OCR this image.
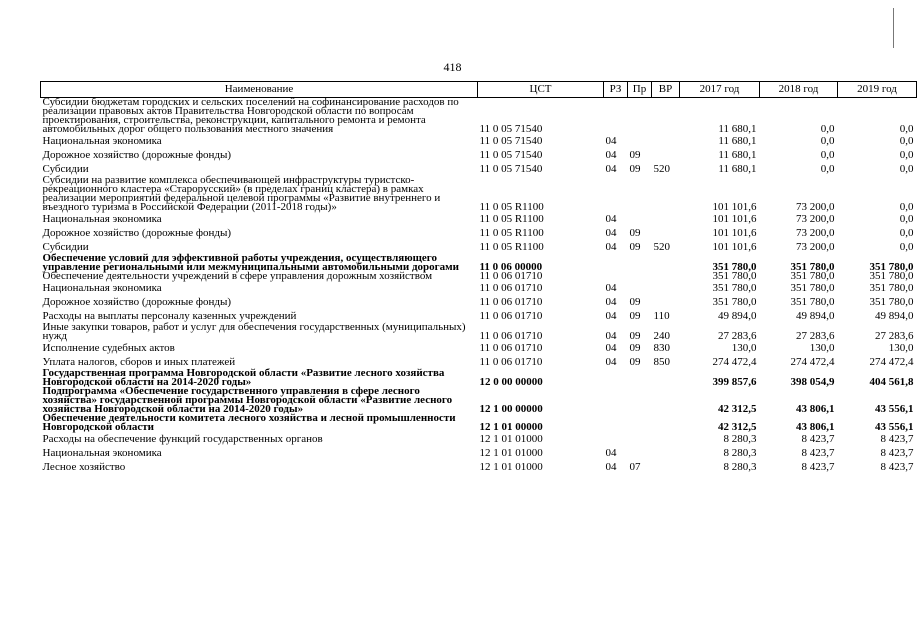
418
Наименование	ЦСТ	РЗ	Пр	ВР	2017 год	2018 год	2019 год
Субсидии бюджетам городских и сельских поселений на софинансирование расходов по реализации правовых актов Правительства Новгородской области по вопросам проектирования, строительства, реконструкции, капитального ремонта и ремонта автомобильных дорог общего пользования местного значения	11 0 05 71540				11 680,1	0,0	0,0
Национальная экономика	11 0 05 71540	04			11 680,1	0,0	0,0
Дорожное хозяйство (дорожные фонды)	11 0 05 71540	04	09		11 680,1	0,0	0,0
Субсидии	11 0 05 71540	04	09	520	11 680,1	0,0	0,0
Субсидии на развитие комплекса обеспечивающей инфраструктуры туристско-рекреационного кластера «Старорусский» (в пределах границ кластера) в рамках реализации мероприятий федеральной целевой программы «Развитие внутреннего и въездного туризма в Российской Федерации (2011-2018 годы)»	11 0 05 R1100				101 101,6	73 200,0	0,0
Национальная экономика	11 0 05 R1100	04			101 101,6	73 200,0	0,0
Дорожное хозяйство (дорожные фонды)	11 0 05 R1100	04	09		101 101,6	73 200,0	0,0
Субсидии	11 0 05 R1100	04	09	520	101 101,6	73 200,0	0,0
Обеспечение условий для эффективной работы учреждения, осуществляющего управление региональными или межмуниципальными автомобильными дорогами	11 0 06 00000				351 780,0	351 780,0	351 780,0
Обеспечение деятельности учреждений в сфере управления дорожным хозяйством	11 0 06 01710				351 780,0	351 780,0	351 780,0
Национальная экономика	11 0 06 01710	04			351 780,0	351 780,0	351 780,0
Дорожное хозяйство (дорожные фонды)	11 0 06 01710	04	09		351 780,0	351 780,0	351 780,0
Расходы на выплаты персоналу казенных учреждений	11 0 06 01710	04	09	110	49 894,0	49 894,0	49 894,0
Иные закупки товаров, работ и услуг для обеспечения государственных (муниципальных) нужд	11 0 06 01710	04	09	240	27 283,6	27 283,6	27 283,6
Исполнение судебных актов	11 0 06 01710	04	09	830	130,0	130,0	130,0
Уплата налогов, сборов и иных платежей	11 0 06 01710	04	09	850	274 472,4	274 472,4	274 472,4
Государственная программа Новгородской области «Развитие лесного хозяйства Новгородской области на 2014-2020 годы»	12 0 00 00000				399 857,6	398 054,9	404 561,8
Подпрограмма «Обеспечение государственного управления в сфере лесного хозяйства» государственной программы Новгородской области «Развитие лесного хозяйства Новгородской области на 2014-2020 годы»	12 1 00 00000				42 312,5	43 806,1	43 556,1
Обеспечение деятельности комитета лесного хозяйства и лесной промышленности Новгородской области	12 1 01 00000				42 312,5	43 806,1	43 556,1
Расходы на обеспечение функций государственных органов	12 1 01 01000				8 280,3	8 423,7	8 423,7
Национальная экономика	12 1 01 01000	04			8 280,3	8 423,7	8 423,7
Лесное хозяйство	12 1 01 01000	04	07		8 280,3	8 423,7	8 423,7
